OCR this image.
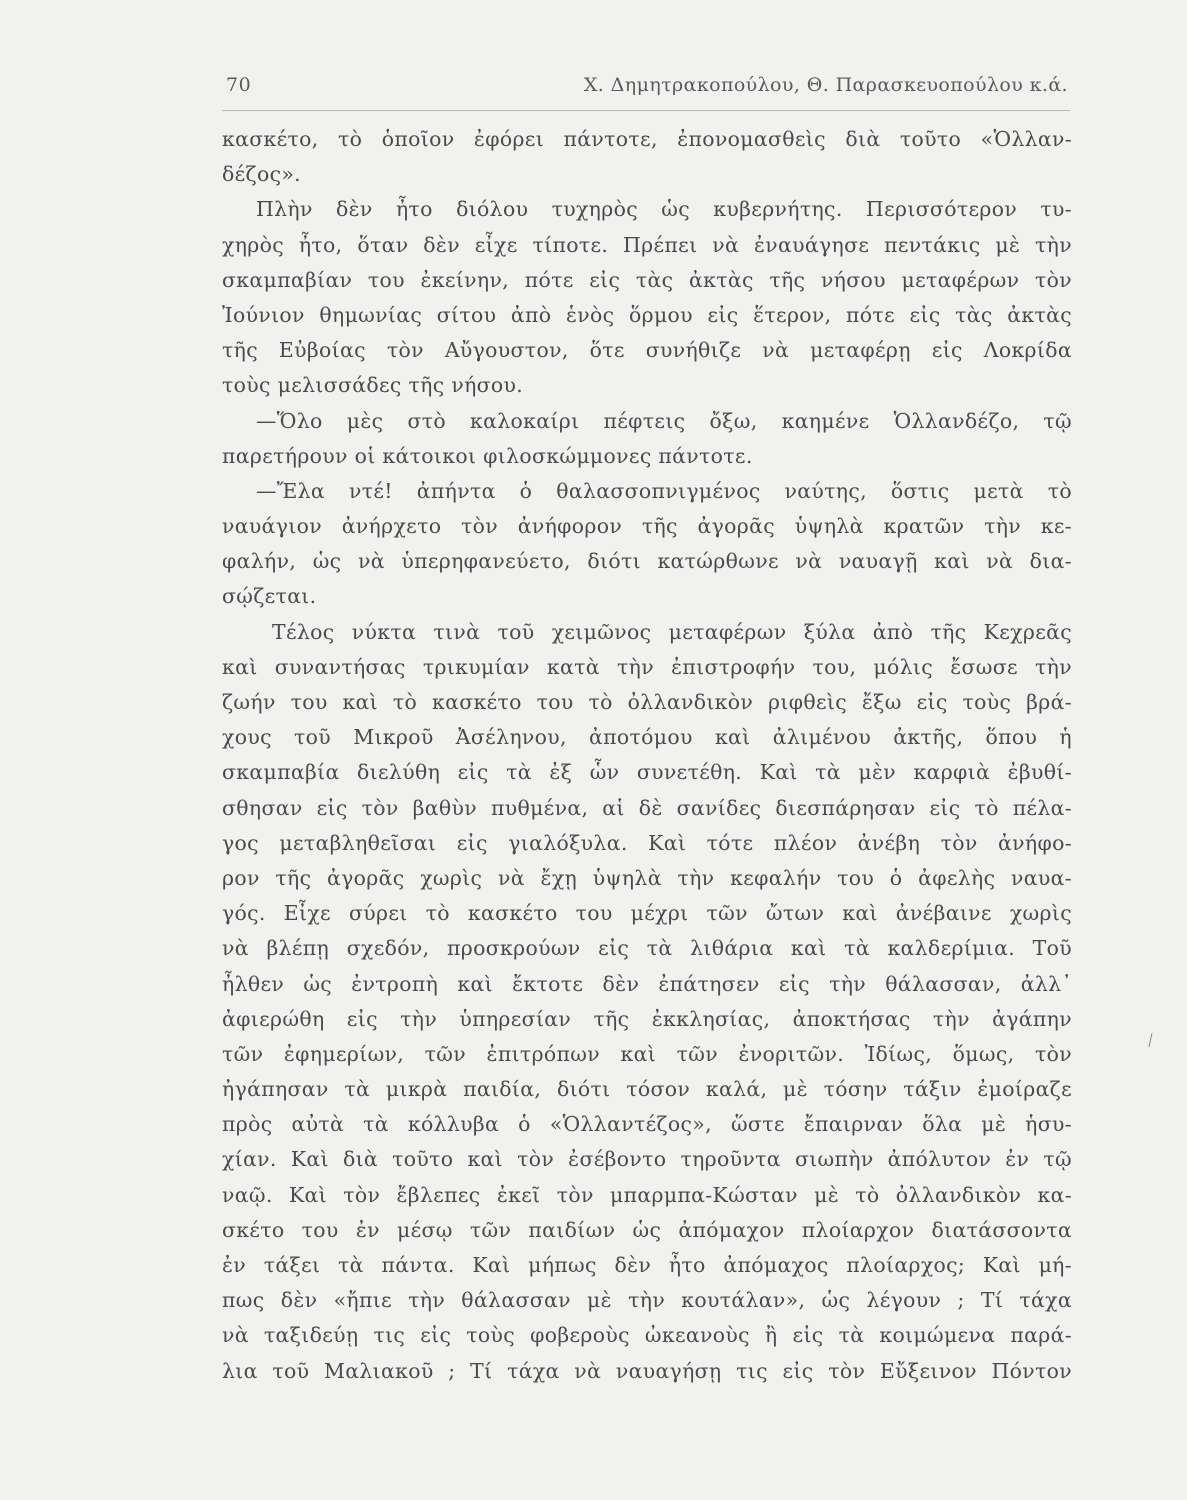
70	Χ. Δημητρακοπούλου, Θ. Παρασκευοπούλου κ.ά.
κασκέτο, τὸ ὁποῖον ἐφόρει πάντοτε, ἐπονομασθεὶς διὰ τοῦτο «Ὁλλαν-
δέζος».
Πλὴν δὲν ἦτο διόλου τυχηρὸς ὡς κυβερνήτης. Περισσότερον τυ-
χηρὸς ἦτο, ὅταν δὲν εἶχε τίποτε. Πρέπει νὰ ἐναυάγησε πεντάκις μὲ τὴν
σκαμπαβίαν του ἐκείνην, πότε εἰς τὰς ἀκτὰς τῆς νήσου μεταφέρων τὸν
Ἰούνιον θημωνίας σίτου ἀπὸ ἑνὸς ὅρμου εἰς ἕτερον, πότε εἰς τὰς ἀκτὰς
τῆς Εὐβοίας τὸν Αὔγουστον, ὅτε συνήθιζε νὰ μεταφέρῃ εἰς Λοκρίδα
τοὺς μελισσάδες τῆς νήσου.
—Ὅλο μὲς στὸ καλοκαίρι πέφτεις ὄξω, καημένε Ὁλλανδέζο, τῷ
παρετήρουν οἱ κάτοικοι φιλοσκώμμονες πάντοτε.
—Ἔλα ντέ! ἀπήντα ὁ θαλασσοπνιγμένος ναύτης, ὅστις μετὰ τὸ
ναυάγιον ἀνήρχετο τὸν ἀνήφορον τῆς ἀγορᾶς ὑψηλὰ κρατῶν τὴν κε-
φαλήν, ὡς νὰ ὑπερηφανεύετο, διότι κατώρθωνε νὰ ναυαγῇ καὶ νὰ δια-
σῴζεται.
Τέλος νύκτα τινὰ τοῦ χειμῶνος μεταφέρων ξύλα ἀπὸ τῆς Κεχρεᾶς
καὶ συναντήσας τρικυμίαν κατὰ τὴν ἐπιστροφήν του, μόλις ἔσωσε τὴν
ζωήν του καὶ τὸ κασκέτο του τὸ ὀλλανδικὸν ριφθεὶς ἔξω εἰς τοὺς βρά-
χους τοῦ Μικροῦ Ἀσέληνου, ἀποτόμου καὶ ἀλιμένου ἀκτῆς, ὅπου ἡ
σκαμπαβία διελύθη εἰς τὰ ἐξ ὧν συνετέθη. Καὶ τὰ μὲν καρφιὰ ἐβυθί-
σθησαν εἰς τὸν βαθὺν πυθμένα, αἱ δὲ σανίδες διεσπάρησαν εἰς τὸ πέλα-
γος μεταβληθεῖσαι εἰς γιαλόξυλα. Καὶ τότε πλέον ἀνέβη τὸν ἀνήφο-
ρον τῆς ἀγορᾶς χωρὶς νὰ ἔχῃ ὑψηλὰ τὴν κεφαλήν του ὁ ἀφελὴς ναυα-
γός. Εἶχε σύρει τὸ κασκέτο του μέχρι τῶν ὤτων καὶ ἀνέβαινε χωρὶς
νὰ βλέπῃ σχεδόν, προσκρούων εἰς τὰ λιθάρια καὶ τὰ καλδερίμια. Τοῦ
ἦλθεν ὡς ἐντροπὴ καὶ ἔκτοτε δὲν ἐπάτησεν εἰς τὴν θάλασσαν, ἀλλ᾽
ἀφιερώθη εἰς τὴν ὑπηρεσίαν τῆς ἐκκλησίας, ἀποκτήσας τὴν ἀγάπην
τῶν ἐφημερίων, τῶν ἐπιτρόπων καὶ τῶν ἐνοριτῶν. Ἰδίως, ὅμως, τὸν
ἠγάπησαν τὰ μικρὰ παιδία, διότι τόσον καλά, μὲ τόσην τάξιν ἐμοίραζε
πρὸς αὐτὰ τὰ κόλλυβα ὁ «Ὁλλαντέζος», ὥστε ἔπαιρναν ὅλα μὲ ἡσυ-
χίαν. Καὶ διὰ τοῦτο καὶ τὸν ἐσέβοντο τηροῦντα σιωπὴν ἀπόλυτον ἐν τῷ
ναῷ. Καὶ τὸν ἔβλεπες ἐκεῖ τὸν μπαρμπα-Κώσταν μὲ τὸ ὀλλανδικὸν κα-
σκέτο του ἐν μέσῳ τῶν παιδίων ὡς ἀπόμαχον πλοίαρχον διατάσσοντα
ἐν τάξει τὰ πάντα. Καὶ μήπως δὲν ἦτο ἀπόμαχος πλοίαρχος; Καὶ μή-
πως δὲν «ἤπιε τὴν θάλασσαν μὲ τὴν κουτάλαν», ὡς λέγουν ; Τί τάχα
νὰ ταξιδεύῃ τις εἰς τοὺς φοβεροὺς ὠκεανοὺς ἢ εἰς τὰ κοιμώμενα παρά-
λια τοῦ Μαλιακοῦ ; Τί τάχα νὰ ναυαγήσῃ τις εἰς τὸν Εὔξεινον Πόντον
